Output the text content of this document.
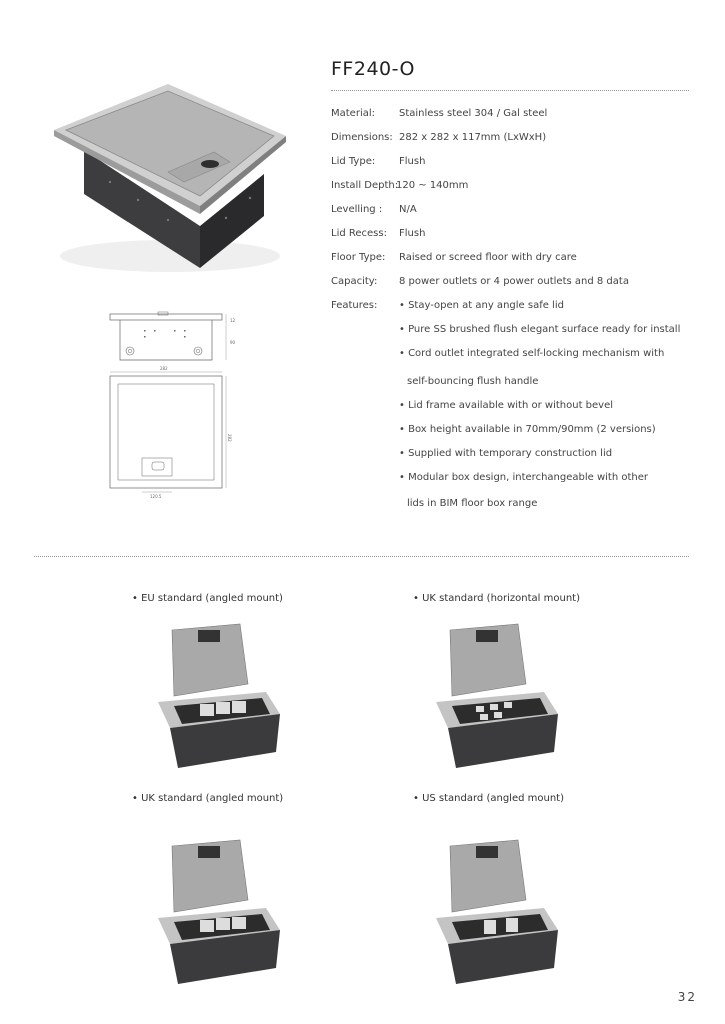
FF240-O
Material: Stainless steel 304 / Gal steel
Dimensions: 282 x 282 x 117mm (LxWxH)
Lid Type: Flush
Install Depth:
120 ~ 140mm
Levelling : N/A
Lid Recess: Flush
Floor Type: Raised or screed floor with dry care
Capacity: 8 power outlets or 4 power outlets and 8 data
Features: • Stay-open at any angle safe lid
• Pure SS brushed flush elegant surface ready for install
• Cord outlet integrated self-locking mechanism with
self-bouncing flush handle
• Lid frame available with or without bevel
• Box height available in 70mm/90mm (2 versions)
• Supplied with temporary construction lid
• Modular box design, interchangeable with other
lids in BIM floor box range
12
90
282
282
120.5
• EU standard (angled mount)	• UK standard (horizontal mount)
• UK standard (angled mount)	• US standard (angled mount)
32
